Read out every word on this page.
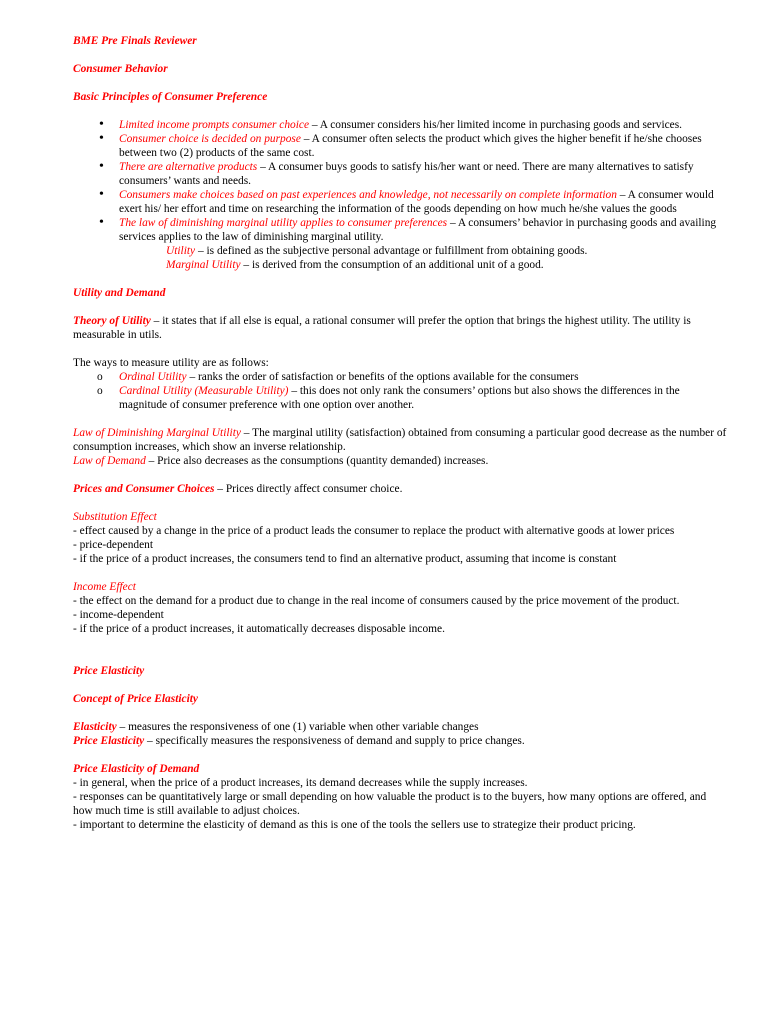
BME Pre Finals Reviewer

Consumer Behavior

Basic Principles of Consumer Preference

• Limited income prompts consumer choice – A consumer considers his/her limited income in purchasing goods and services.
• Consumer choice is decided on purpose – A consumer often selects the product which gives the higher benefit if he/she chooses between two (2) products of the same cost.
• There are alternative products – A consumer buys goods to satisfy his/her want or need. There are many alternatives to satisfy consumers’ wants and needs.
• Consumers make choices based on past experiences and knowledge, not necessarily on complete information – A consumer would exert his/ her effort and time on researching the information of the goods depending on how much he/she values the goods
• The law of diminishing marginal utility applies to consumer preferences – A consumers’ behavior in purchasing goods and availing services applies to the law of diminishing marginal utility.

Utility – is defined as the subjective personal advantage or fulfillment from obtaining goods.

Marginal Utility – is derived from the consumption of an additional unit of a good.

Utility and Demand

Theory of Utility – it states that if all else is equal, a rational consumer will prefer the option that brings the highest utility. The utility is measurable in utils.

The ways to measure utility are as follows:

o Ordinal Utility – ranks the order of satisfaction or benefits of the options available for the consumers
o Cardinal Utility (Measurable Utility) – this does not only rank the consumers’ options but also shows the differences in the magnitude of consumer preference with one option over another.

Law of Diminishing Marginal Utility – The marginal utility (satisfaction) obtained from consuming a particular good decrease as the number of consumption increases, which show an inverse relationship.

Law of Demand – Price also decreases as the consumptions (quantity demanded) increases.

Prices and Consumer Choices – Prices directly affect consumer choice.

Substitution Effect

- effect caused by a change in the price of a product leads the consumer to replace the product with alternative goods at lower prices

- price-dependent

- if the price of a product increases, the consumers tend to find an alternative product, assuming that income is constant

Income Effect

- the effect on the demand for a product due to change in the real income of consumers caused by the price movement of the product.

- income-dependent

- if the price of a product increases, it automatically decreases disposable income.

Price Elasticity

Concept of Price Elasticity

Elasticity – measures the responsiveness of one (1) variable when other variable changes

Price Elasticity – specifically measures the responsiveness of demand and supply to price changes.

Price Elasticity of Demand

- in general, when the price of a product increases, its demand decreases while the supply increases.

- responses can be quantitatively large or small depending on how valuable the product is to the buyers, how many options are offered, and how much time is still available to adjust choices.

- important to determine the elasticity of demand as this is one of the tools the sellers use to strategize their product pricing.
